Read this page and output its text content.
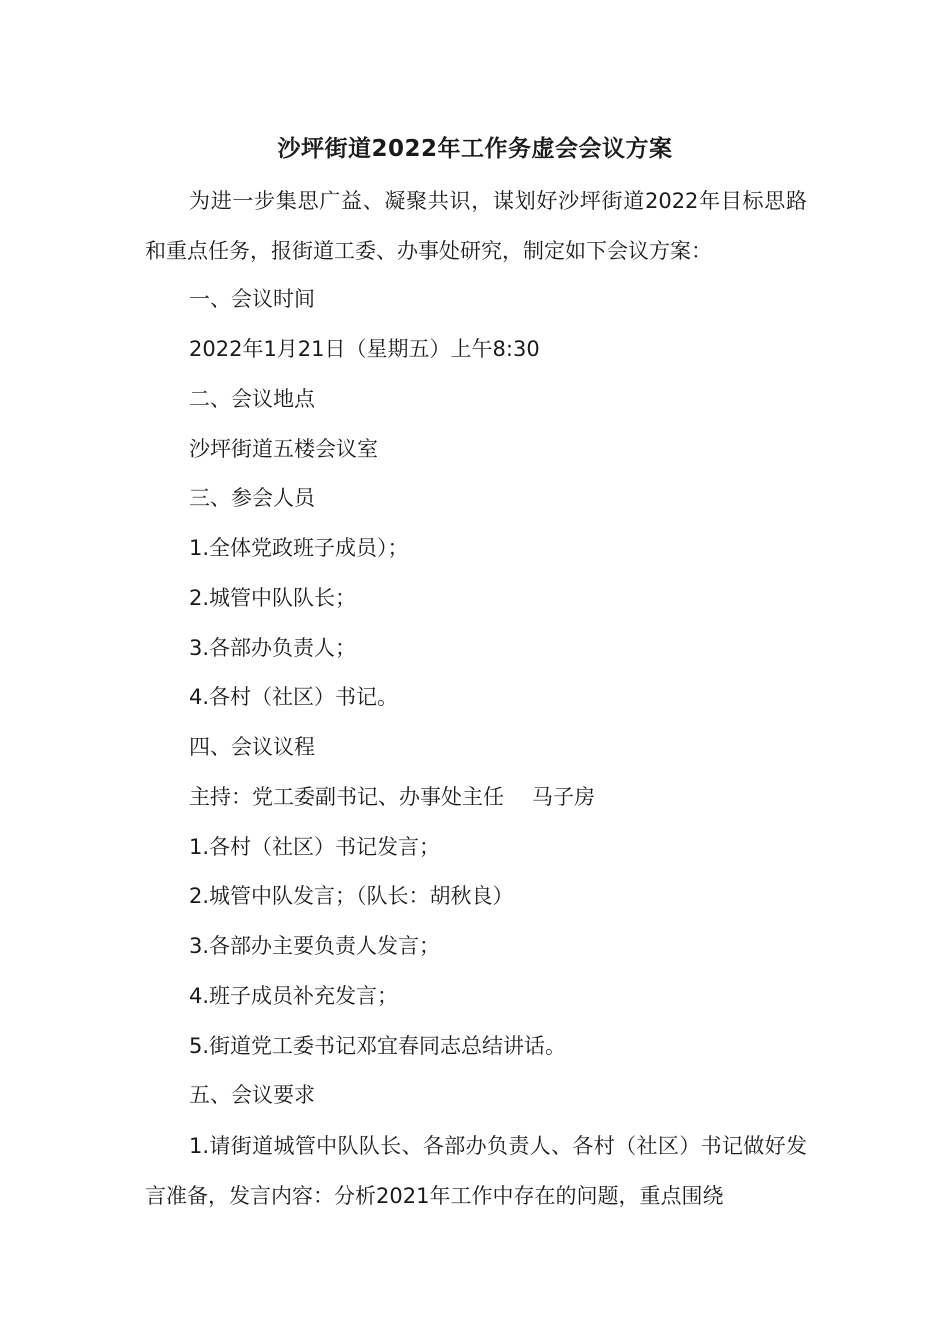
沙坪街道2022年工作务虚会会议方案
为进一步集思广益、凝聚共识，谋划好沙坪街道2022年目标思路和重点任务，报街道工委、办事处研究，制定如下会议方案：
一、会议时间
2022年1月21日（星期五）上午8:30
二、会议地点
沙坪街道五楼会议室
三、参会人员
1.全体党政班子成员）；
2.城管中队队长；
3.各部办负责人；
4.各村（社区）书记。
四、会议议程
主持：党工委副书记、办事处主任 马子房
1.各村（社区）书记发言；
2.城管中队发言；（队长：胡秋良）
3.各部办主要负责人发言；
4.班子成员补充发言；
5.街道党工委书记邓宜春同志总结讲话。
五、会议要求
1.请街道城管中队队长、各部办负责人、各村（社区）书记做好发言准备，发言内容：分析2021年工作中存在的问题，重点围绕
